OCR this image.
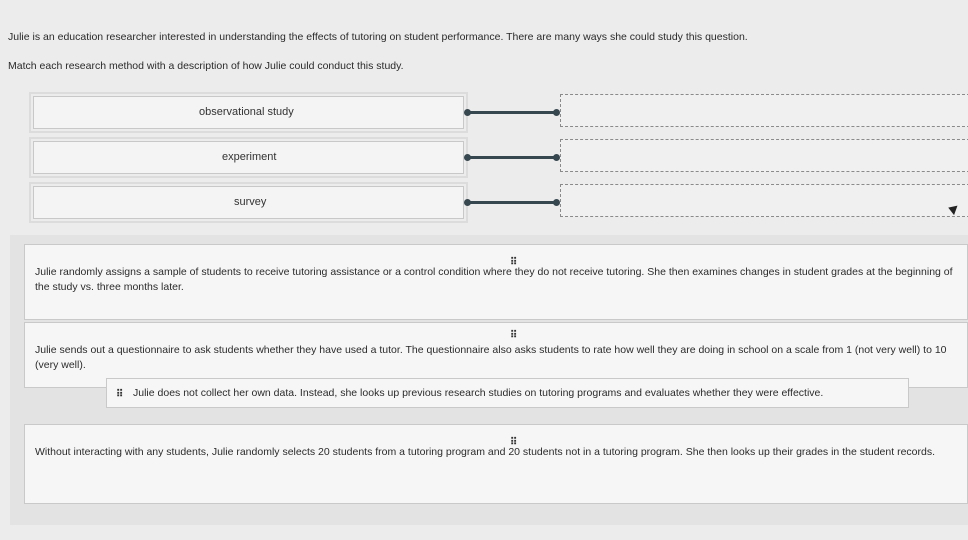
Julie is an education researcher interested in understanding the effects of tutoring on student performance. There are many ways she could study this question.
Match each research method with a description of how Julie could conduct this study.
observational study
experiment
survey
⠿
Julie randomly assigns a sample of students to receive tutoring assistance or a control condition where they do not receive tutoring. She then examines changes in student grades at the beginning of the study vs. three months later.
⠿
Julie sends out a questionnaire to ask students whether they have used a tutor. The questionnaire also asks students to rate how well they are doing in school on a scale from 1 (not very well) to 10 (very well).
⠿ Julie does not collect her own data. Instead, she looks up previous research studies on tutoring programs and evaluates whether they were effective.
⠿
Without interacting with any students, Julie randomly selects 20 students from a tutoring program and 20 students not in a tutoring program. She then looks up their grades in the student records.
